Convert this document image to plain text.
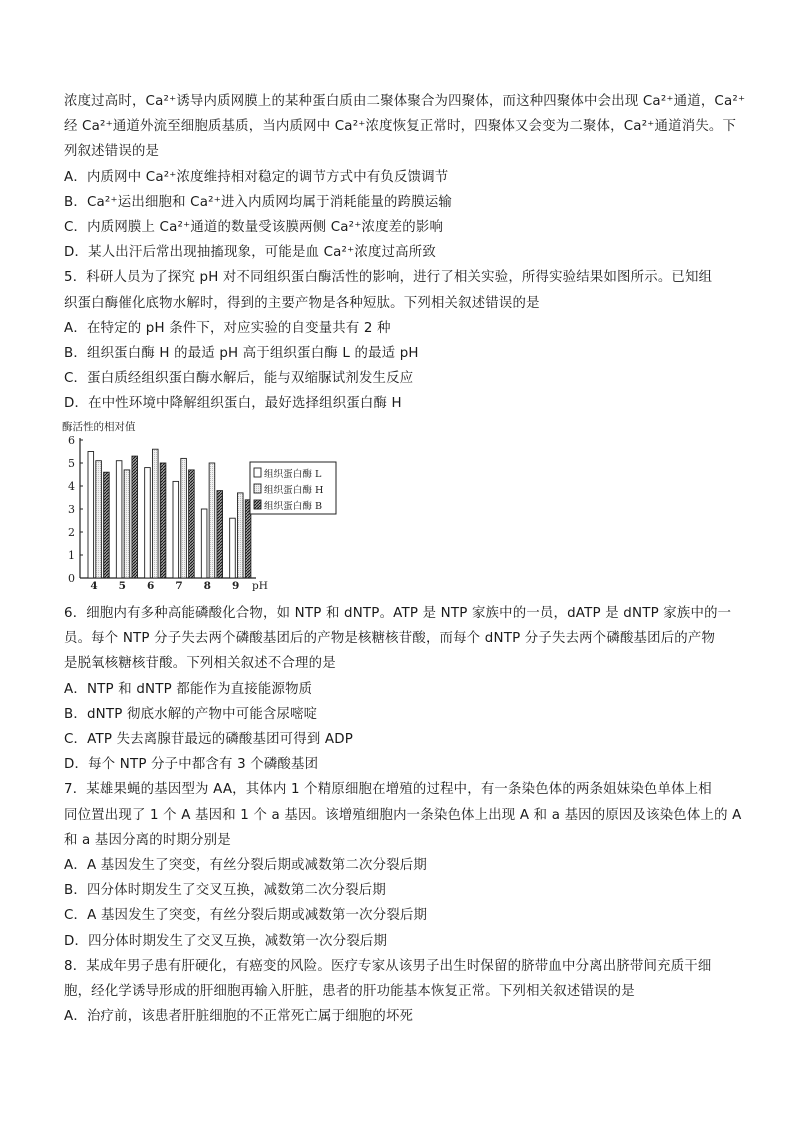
浓度过高时，Ca²⁺诱导内质网膜上的某种蛋白质由二聚体聚合为四聚体，而这种四聚体中会出现 Ca²⁺通道，Ca²⁺
经 Ca²⁺通道外流至细胞质基质，当内质网中 Ca²⁺浓度恢复正常时，四聚体又会变为二聚体，Ca²⁺通道消失。下
列叙述错误的是
A．内质网中 Ca²⁺浓度维持相对稳定的调节方式中有负反馈调节
B．Ca²⁺运出细胞和 Ca²⁺进入内质网均属于消耗能量的跨膜运输
C．内质网膜上 Ca²⁺通道的数量受该膜两侧 Ca²⁺浓度差的影响
D．某人出汗后常出现抽搐现象，可能是血 Ca²⁺浓度过高所致
5．科研人员为了探究 pH 对不同组织蛋白酶活性的影响，进行了相关实验，所得实验结果如图所示。已知组
织蛋白酶催化底物水解时，得到的主要产物是各种短肽。下列相关叙述错误的是
A．在特定的 pH 条件下，对应实验的自变量共有 2 种
B．组织蛋白酶 H 的最适 pH 高于组织蛋白酶 L 的最适 pH
C．蛋白质经组织蛋白酶水解后，能与双缩脲试剂发生反应
D．在中性环境中降解组织蛋白，最好选择组织蛋白酶 H
酶活性的相对值
0
1
2
3
4
5
6
4 5 6 7 8 9 pH
组织蛋白酶 L
组织蛋白酶 H
组织蛋白酶 B
6．细胞内有多种高能磷酸化合物，如 NTP 和 dNTP。ATP 是 NTP 家族中的一员，dATP 是 dNTP 家族中的一
员。每个 NTP 分子失去两个磷酸基团后的产物是核糖核苷酸，而每个 dNTP 分子失去两个磷酸基团后的产物
是脱氧核糖核苷酸。下列相关叙述不合理的是
A．NTP 和 dNTP 都能作为直接能源物质
B．dNTP 彻底水解的产物中可能含尿嘧啶
C．ATP 失去离腺苷最远的磷酸基团可得到 ADP
D．每个 NTP 分子中都含有 3 个磷酸基团
7．某雄果蝇的基因型为 AA，其体内 1 个精原细胞在增殖的过程中，有一条染色体的两条姐妹染色单体上相
同位置出现了 1 个 A 基因和 1 个 a 基因。该增殖细胞内一条染色体上出现 A 和 a 基因的原因及该染色体上的 A
和 a 基因分离的时期分别是
A．A 基因发生了突变，有丝分裂后期或减数第二次分裂后期
B．四分体时期发生了交叉互换，减数第二次分裂后期
C．A 基因发生了突变，有丝分裂后期或减数第一次分裂后期
D．四分体时期发生了交叉互换，减数第一次分裂后期
8．某成年男子患有肝硬化，有癌变的风险。医疗专家从该男子出生时保留的脐带血中分离出脐带间充质干细
胞，经化学诱导形成的肝细胞再输入肝脏，患者的肝功能基本恢复正常。下列相关叙述错误的是
A．治疗前，该患者肝脏细胞的不正常死亡属于细胞的坏死
